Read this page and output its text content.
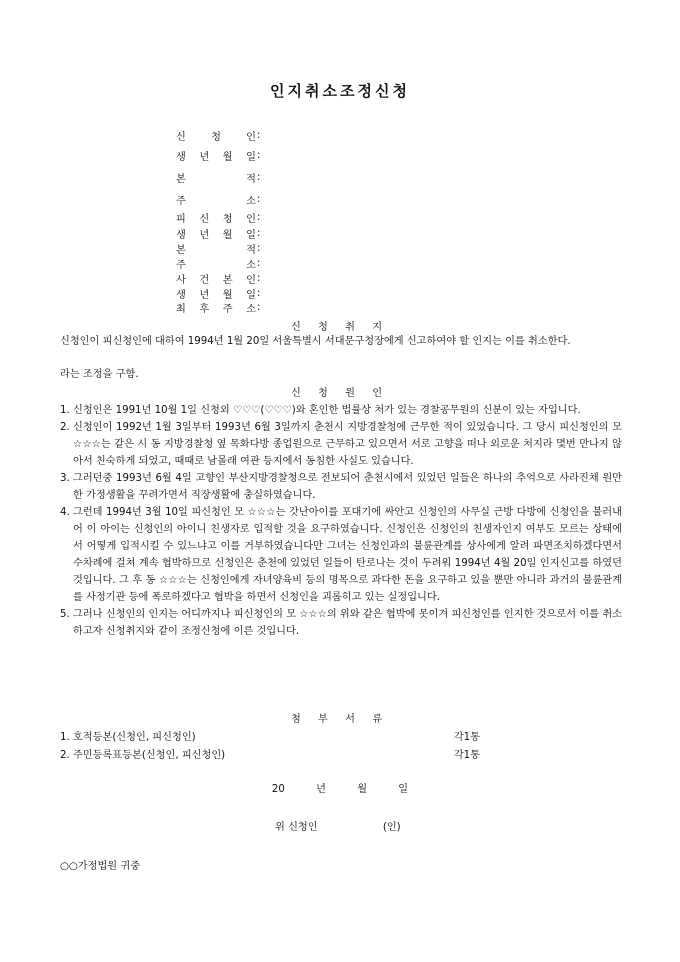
인지취소조정신청
신 청 인 :
생 년 월 일 :
본	적 :
주	소 :
피 신 청 인 :
생 년 월 일 :
본	적 :
주	소 :
사 건 본 인 :
생 년 월 일 :
최 후 주 소 :
신 청 취 지
신청인이 피신청인에 대하여 1994년 1월 20일 서울특별시 서대문구청장에게 신고하여야 할 인지는 이를 취소한다.
라는 조정을 구함.
신 청 원 인
1. 신청인은 1991년 10월 1일 신청외 ♡♡♡(♡♡♡)와 혼인한 법률상 처가 있는 경찰공무원의 신분이 있는 자입니다.
2. 신청인이 1992년 1월 3일부터 1993년 6월 3일까지 춘천시 지방경찰청에 근무한 적이 있었습니다. 그 당시 피신청인의 모 ☆☆☆는 같은 시 동 지방경찰청 옆 목화다방 종업원으로 근무하고 있으면서 서로 고향을 떠나 외로운 처지라 몇번 만나지 않아서 친숙하게 되었고, 때때로 남몰래 여관 등지에서 동침한 사실도 있습니다.
3. 그러던중 1993년 6월 4일 고향인 부산지방경찰청으로 전보되어 춘천시에서 있었던 일들은 하나의 추억으로 사라진채 원만한 가정생활을 꾸려가면서 직장생활에 충실하였습니다.
4. 그런데 1994년 3월 10일 피신청인 모 ☆☆☆는 갓난아이를 포대기에 싸안고 신청인의 사무실 근방 다방에 신청인을 불러내어 이 아이는 신청인의 아이니 친생자로 입적할 것을 요구하였습니다. 신청인은 신청인의 친생자인지 여부도 모르는 상태에서 어떻게 입적시킬 수 있느냐고 이를 거부하였습니다만 그녀는 신청인과의 불륜관계를 상사에게 알려 파면조치하겠다면서 수차례에 걸쳐 계속 협박하므로 신청인은 춘천에 있었던 일들이 탄로나는 것이 두려워 1994년 4월 20일 인지신고를 하였던 것입니다. 그 후 동 ☆☆☆는 신청인에게 자녀양육비 등의 명목으로 과다한 돈을 요구하고 있을 뿐만 아니라 과거의 불륜관계를 사정기관 등에 폭로하겠다고 협박을 하면서 신청인을 괴롭히고 있는 실정입니다.
5. 그러나 신청인의 인지는 어디까지나 피신청인의 모 ☆☆☆의 위와 같은 협박에 못이겨 피신청인를 인지한 것으로서 이를 취소하고자 신청취지와 같이 조정신청에 이른 것입니다.
첨 부 서 류
1. 호적등본(신청인, 피신청인)	각1통
2. 주민등록표등본(신청인, 피신청인)	각1통
20	년	월	일
위 신청인	(인)
○○가정법원 귀중
